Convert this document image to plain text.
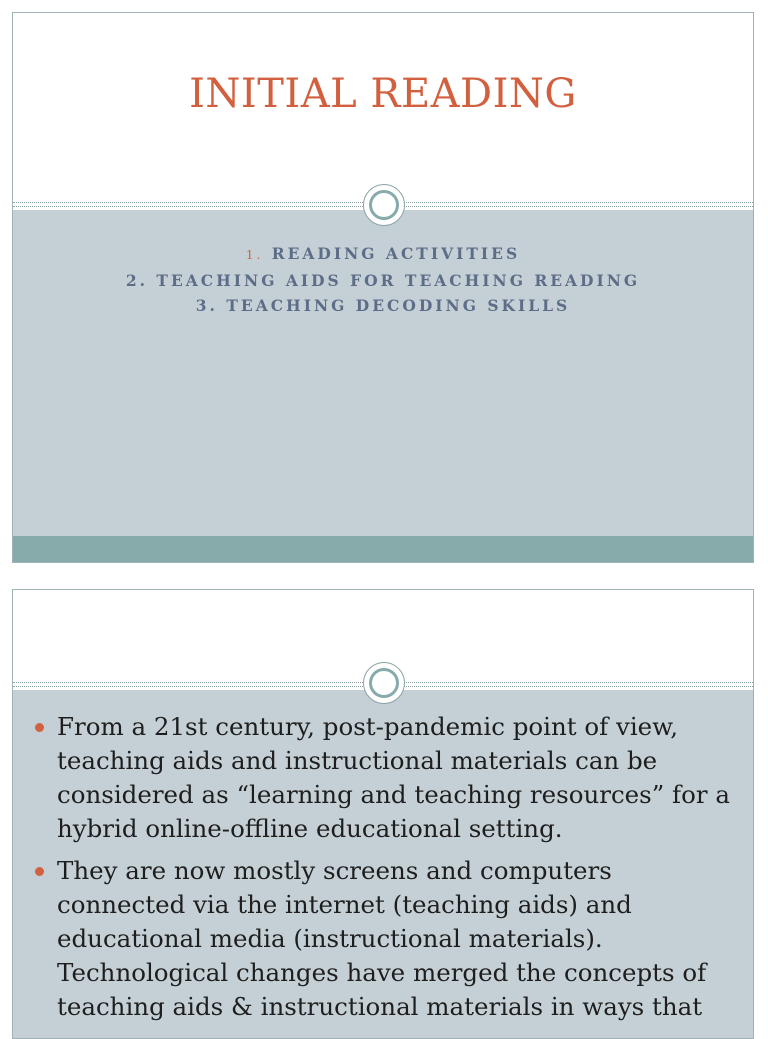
INITIAL READING
1. READING ACTIVITIES
2. TEACHING AIDS FOR TEACHING READING
3. TEACHING DECODING SKILLS
From a 21st century, post-pandemic point of view, teaching aids and instructional materials can be considered as “learning and teaching resources” for a hybrid online-offline educational setting.
They are now mostly screens and computers connected via the internet (teaching aids) and educational media (instructional materials). Technological changes have merged the concepts of teaching aids & instructional materials in ways that
